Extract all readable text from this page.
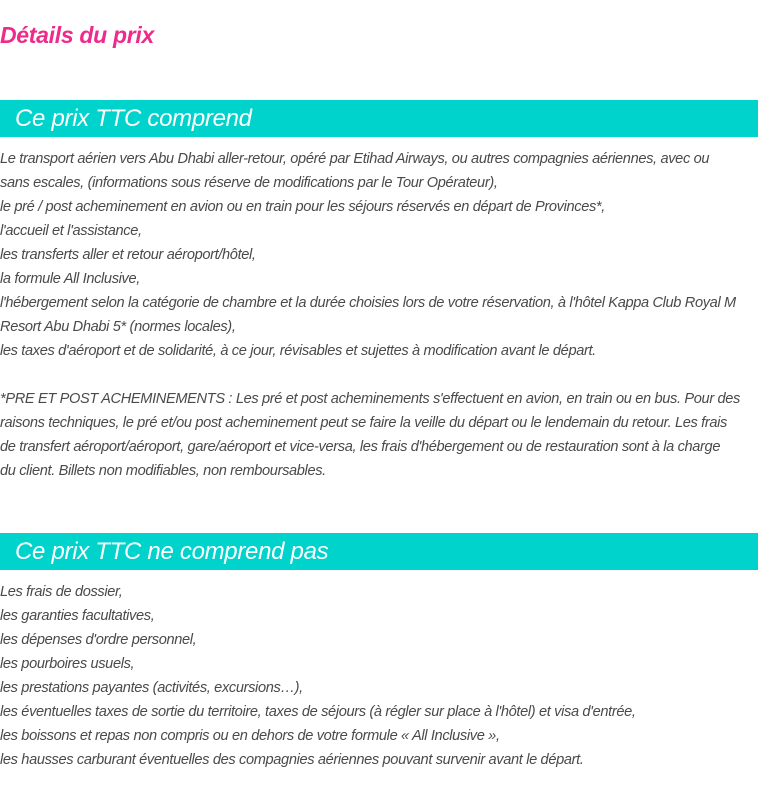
Détails du prix
Ce prix TTC comprend

Le transport aérien vers Abu Dhabi aller-retour, opéré par Etihad Airways, ou autres compagnies aériennes, avec ou

sans escales, (informations sous réserve de modifications par le Tour Opérateur),

le pré / post acheminement en avion ou en train pour les séjours réservés en départ de Provinces*,

l'accueil et l'assistance,

les transferts aller et retour aéroport/hôtel,

la formule All Inclusive,

l'hébergement selon la catégorie de chambre et la durée choisies lors de votre réservation, à l'hôtel Kappa Club Royal M

Resort Abu Dhabi 5* (normes locales),

les taxes d'aéroport et de solidarité, à ce jour, révisables et sujettes à modification avant le départ.

*PRE ET POST ACHEMINEMENTS : Les pré et post acheminements s'effectuent en avion, en train ou en bus. Pour des

raisons techniques, le pré et/ou post acheminement peut se faire la veille du départ ou le lendemain du retour. Les frais

de transfert aéroport/aéroport, gare/aéroport et vice-versa, les frais d'hébergement ou de restauration sont à la charge

du client. Billets non modifiables, non remboursables.

Ce prix TTC ne comprend pas

Les frais de dossier,

les garanties facultatives,

les dépenses d'ordre personnel,

les pourboires usuels,

les prestations payantes (activités, excursions…),

les éventuelles taxes de sortie du territoire, taxes de séjours (à régler sur place à l'hôtel) et visa d'entrée,

les boissons et repas non compris ou en dehors de votre formule « All Inclusive »,

les hausses carburant éventuelles des compagnies aériennes pouvant survenir avant le départ.
